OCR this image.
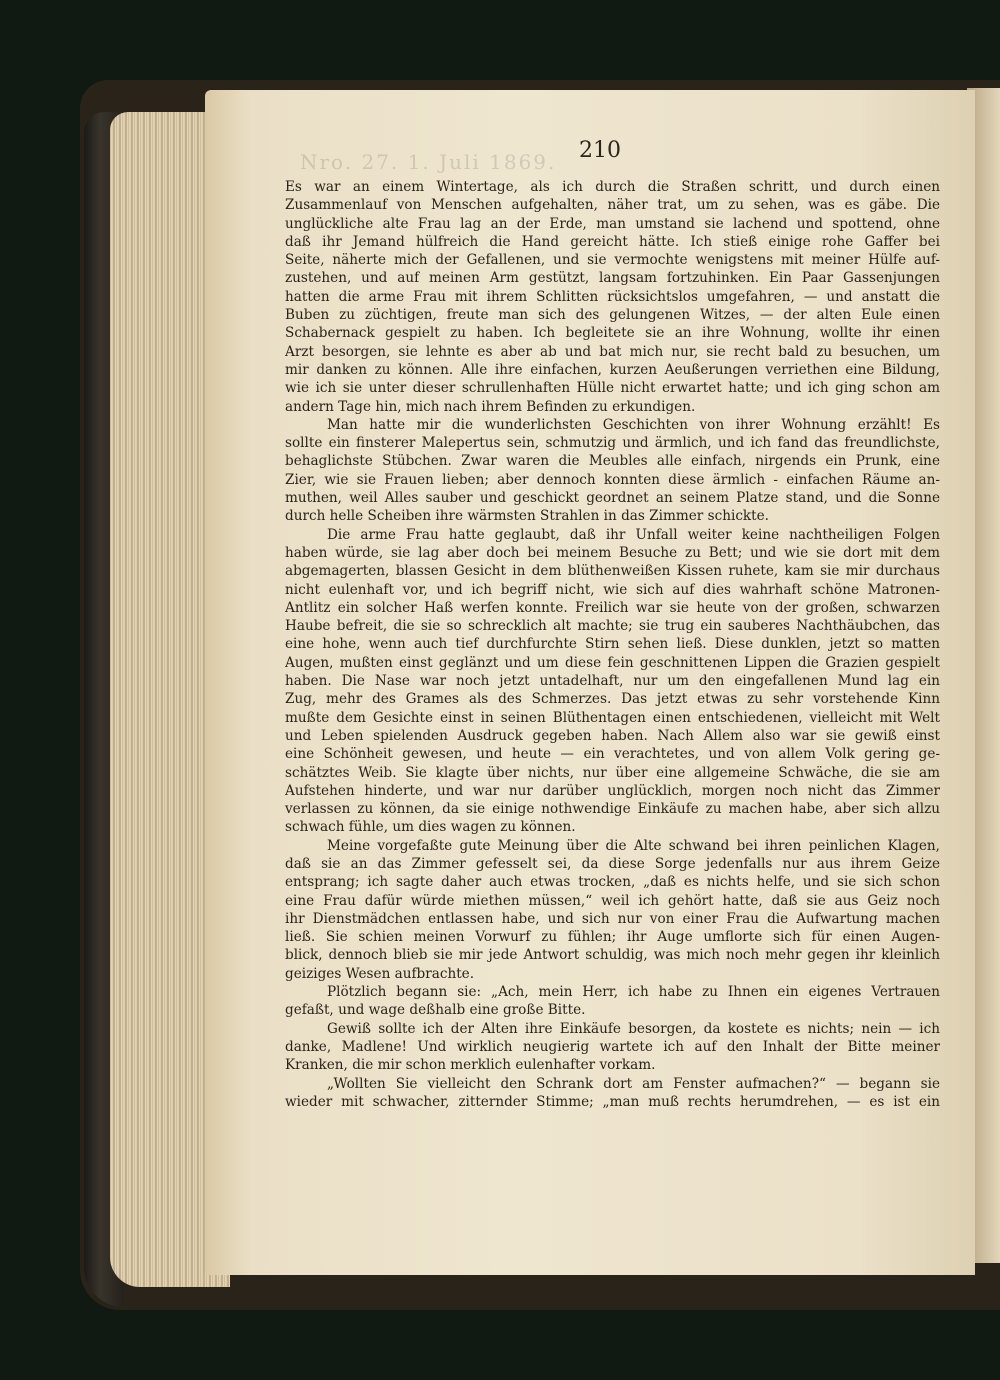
Nro. 27. 1. Juli 1869.	210
Es war an einem Wintertage, als ich durch die Straßen schritt, und durch einen
Zusammenlauf von Menschen aufgehalten, näher trat, um zu sehen, was es gäbe. Die
unglückliche alte Frau lag an der Erde, man umstand sie lachend und spottend, ohne
daß ihr Jemand hülfreich die Hand gereicht hätte. Ich stieß einige rohe Gaffer bei
Seite, näherte mich der Gefallenen, und sie vermochte wenigstens mit meiner Hülfe auf-
zustehen, und auf meinen Arm gestützt, langsam fortzuhinken. Ein Paar Gassenjungen
hatten die arme Frau mit ihrem Schlitten rücksichtslos umgefahren, — und anstatt die
Buben zu züchtigen, freute man sich des gelungenen Witzes, — der alten Eule einen
Schabernack gespielt zu haben. Ich begleitete sie an ihre Wohnung, wollte ihr einen
Arzt besorgen, sie lehnte es aber ab und bat mich nur, sie recht bald zu besuchen, um
mir danken zu können. Alle ihre einfachen, kurzen Aeußerungen verriethen eine Bildung,
wie ich sie unter dieser schrullenhaften Hülle nicht erwartet hatte; und ich ging schon am
andern Tage hin, mich nach ihrem Befinden zu erkundigen.
Man hatte mir die wunderlichsten Geschichten von ihrer Wohnung erzählt! Es
sollte ein finsterer Malepertus sein, schmutzig und ärmlich, und ich fand das freundlichste,
behaglichste Stübchen. Zwar waren die Meubles alle einfach, nirgends ein Prunk, eine
Zier, wie sie Frauen lieben; aber dennoch konnten diese ärmlich - einfachen Räume an-
muthen, weil Alles sauber und geschickt geordnet an seinem Platze stand, und die Sonne
durch helle Scheiben ihre wärmsten Strahlen in das Zimmer schickte.
Die arme Frau hatte geglaubt, daß ihr Unfall weiter keine nachtheiligen Folgen
haben würde, sie lag aber doch bei meinem Besuche zu Bett; und wie sie dort mit dem
abgemagerten, blassen Gesicht in dem blüthenweißen Kissen ruhete, kam sie mir durchaus
nicht eulenhaft vor, und ich begriff nicht, wie sich auf dies wahrhaft schöne Matronen-
Antlitz ein solcher Haß werfen konnte. Freilich war sie heute von der großen, schwarzen
Haube befreit, die sie so schrecklich alt machte; sie trug ein sauberes Nachthäubchen, das
eine hohe, wenn auch tief durchfurchte Stirn sehen ließ. Diese dunklen, jetzt so matten
Augen, mußten einst geglänzt und um diese fein geschnittenen Lippen die Grazien gespielt
haben. Die Nase war noch jetzt untadelhaft, nur um den eingefallenen Mund lag ein
Zug, mehr des Grames als des Schmerzes. Das jetzt etwas zu sehr vorstehende Kinn
mußte dem Gesichte einst in seinen Blüthentagen einen entschiedenen, vielleicht mit Welt
und Leben spielenden Ausdruck gegeben haben. Nach Allem also war sie gewiß einst
eine Schönheit gewesen, und heute — ein verachtetes, und von allem Volk gering ge-
schätztes Weib. Sie klagte über nichts, nur über eine allgemeine Schwäche, die sie am
Aufstehen hinderte, und war nur darüber unglücklich, morgen noch nicht das Zimmer
verlassen zu können, da sie einige nothwendige Einkäufe zu machen habe, aber sich allzu
schwach fühle, um dies wagen zu können.
Meine vorgefaßte gute Meinung über die Alte schwand bei ihren peinlichen Klagen,
daß sie an das Zimmer gefesselt sei, da diese Sorge jedenfalls nur aus ihrem Geize
entsprang; ich sagte daher auch etwas trocken, „daß es nichts helfe, und sie sich schon
eine Frau dafür würde miethen müssen,“ weil ich gehört hatte, daß sie aus Geiz noch
ihr Dienstmädchen entlassen habe, und sich nur von einer Frau die Aufwartung machen
ließ. Sie schien meinen Vorwurf zu fühlen; ihr Auge umflorte sich für einen Augen-
blick, dennoch blieb sie mir jede Antwort schuldig, was mich noch mehr gegen ihr kleinlich
geiziges Wesen aufbrachte.
Plötzlich begann sie: „Ach, mein Herr, ich habe zu Ihnen ein eigenes Vertrauen
gefaßt, und wage deßhalb eine große Bitte.
Gewiß sollte ich der Alten ihre Einkäufe besorgen, da kostete es nichts; nein — ich
danke, Madlene! Und wirklich neugierig wartete ich auf den Inhalt der Bitte meiner
Kranken, die mir schon merklich eulenhafter vorkam.
„Wollten Sie vielleicht den Schrank dort am Fenster aufmachen?“ — begann sie
wieder mit schwacher, zitternder Stimme; „man muß rechts herumdrehen, — es ist ein
